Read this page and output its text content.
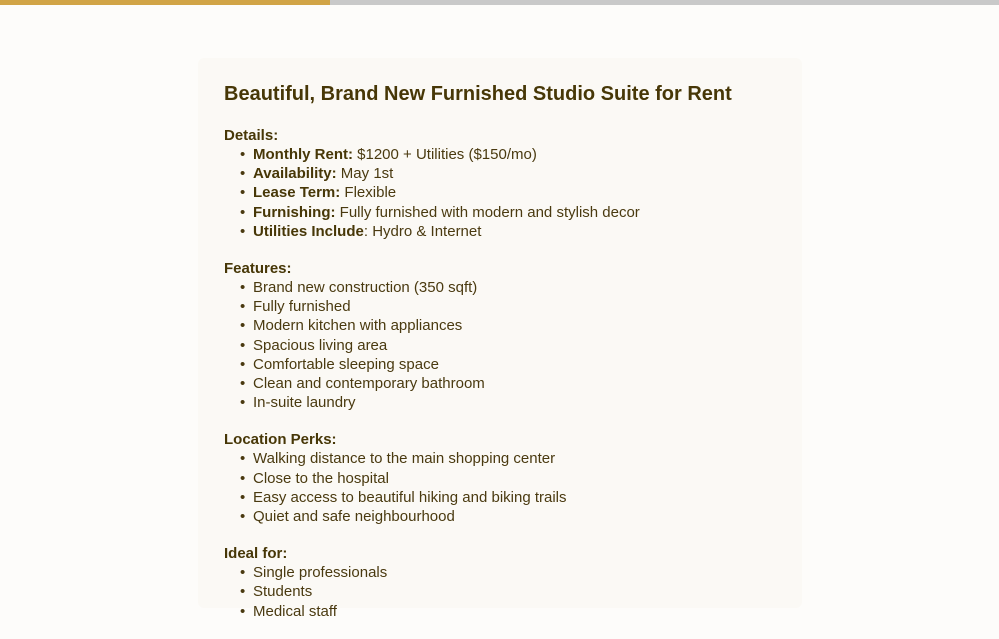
Beautiful, Brand New Furnished Studio Suite for Rent
Details:
• Monthly Rent: $1200 + Utilities ($150/mo)
• Availability: May 1st
• Lease Term: Flexible
• Furnishing: Fully furnished with modern and stylish decor
• Utilities Include: Hydro & Internet
Features:
• Brand new construction (350 sqft)
• Fully furnished
• Modern kitchen with appliances
• Spacious living area
• Comfortable sleeping space
• Clean and contemporary bathroom
• In-suite laundry
Location Perks:
• Walking distance to the main shopping center
• Close to the hospital
• Easy access to beautiful hiking and biking trails
• Quiet and safe neighbourhood
Ideal for:
• Single professionals
• Students
• Medical staff
